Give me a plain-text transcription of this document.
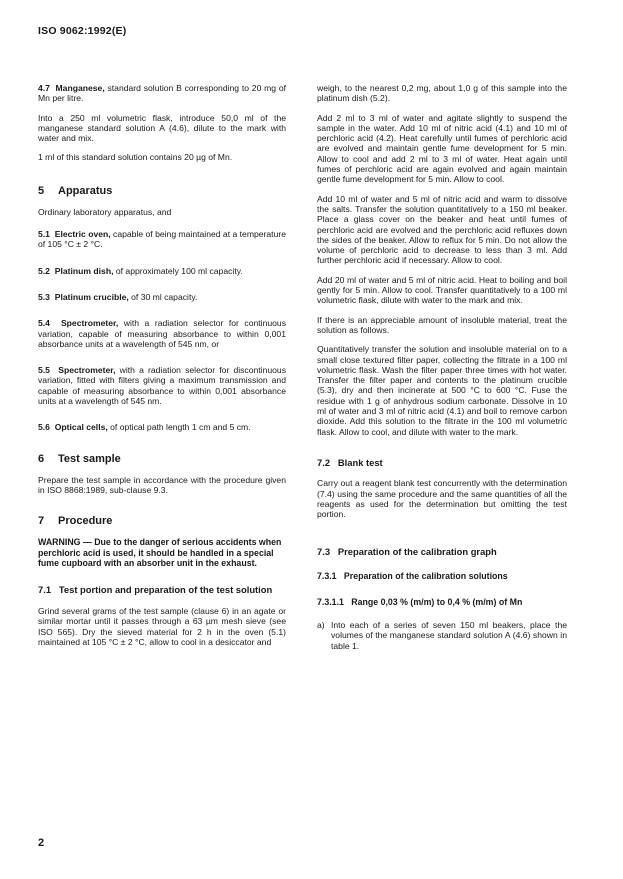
ISO 9062:1992(E)

4.7 Manganese, standard solution B corresponding to 20 mg of Mn per litre.

Into a 250 ml volumetric flask, introduce 50,0 ml of the manganese standard solution A (4.6), dilute to the mark with water and mix.

1 ml of this standard solution contains 20 µg of Mn.

5 Apparatus

Ordinary laboratory apparatus, and

5.1 Electric oven, capable of being maintained at a temperature of 105 °C ± 2 °C.

5.2 Platinum dish, of approximately 100 ml capacity.

5.3 Platinum crucible, of 30 ml capacity.

5.4 Spectrometer, with a radiation selector for continuous variation, capable of measuring absorbance to within 0,001 absorbance units at a wavelength of 545 nm, or

5.5 Spectrometer, with a radiation selector for discontinuous variation, fitted with filters giving a maximum transmission and capable of measuring absorbance to within 0,001 absorbance units at a wavelength of 545 nm.

5.6 Optical cells, of optical path length 1 cm and 5 cm.

6 Test sample

Prepare the test sample in accordance with the procedure given in ISO 8868:1989, sub-clause 9.3.

7 Procedure

WARNING — Due to the danger of serious accidents when perchloric acid is used, it should be handled in a special fume cupboard with an absorber unit in the exhaust.

7.1 Test portion and preparation of the test solution

Grind several grams of the test sample (clause 6) in an agate or similar mortar until it passes through a 63 µm mesh sieve (see ISO 565). Dry the sieved material for 2 h in the oven (5.1) maintained at 105 °C ± 2 °C, allow to cool in a desiccator and

weigh, to the nearest 0,2 mg, about 1,0 g of this sample into the platinum dish (5.2).

Add 2 ml to 3 ml of water and agitate slightly to suspend the sample in the water. Add 10 ml of nitric acid (4.1) and 10 ml of perchloric acid (4.2). Heat carefully until fumes of perchloric acid are evolved and maintain gentle fume development for 5 min. Allow to cool and add 2 ml to 3 ml of water. Heat again until fumes of perchloric acid are again evolved and again maintain gentle fume development for 5 min. Allow to cool.

Add 10 ml of water and 5 ml of nitric acid and warm to dissolve the salts. Transfer the solution quantitatively to a 150 ml beaker. Place a glass cover on the beaker and heat until fumes of perchloric acid are evolved and the perchloric acid refluxes down the sides of the beaker. Allow to reflux for 5 min. Do not allow the volume of perchloric acid to decrease to less than 3 ml. Add further perchloric acid if necessary. Allow to cool.

Add 20 ml of water and 5 ml of nitric acid. Heat to boiling and boil gently for 5 min. Allow to cool. Transfer quantitatively to a 100 ml volumetric flask, dilute with water to the mark and mix.

If there is an appreciable amount of insoluble material, treat the solution as follows.

Quantitatively transfer the solution and insoluble material on to a small close textured filter paper, collecting the filtrate in a 100 ml volumetric flask. Wash the filter paper three times with hot water. Transfer the filter paper and contents to the platinum crucible (5.3), dry and then incinerate at 500 °C to 600 °C. Fuse the residue with 1 g of anhydrous sodium carbonate. Dissolve in 10 ml of water and 3 ml of nitric acid (4.1) and boil to remove carbon dioxide. Add this solution to the filtrate in the 100 ml volumetric flask. Allow to cool, and dilute with water to the mark.

7.2 Blank test

Carry out a reagent blank test concurrently with the determination (7.4) using the same procedure and the same quantities of all the reagents as used for the determination but omitting the test portion.

7.3 Preparation of the calibration graph
7.3.1 Preparation of the calibration solutions
7.3.1.1 Range 0,03 % (m/m) to 0,4 % (m/m) of Mn
a) Into each of a series of seven 150 ml beakers, place the volumes of the manganese standard solution A (4.6) shown in table 1.
2
